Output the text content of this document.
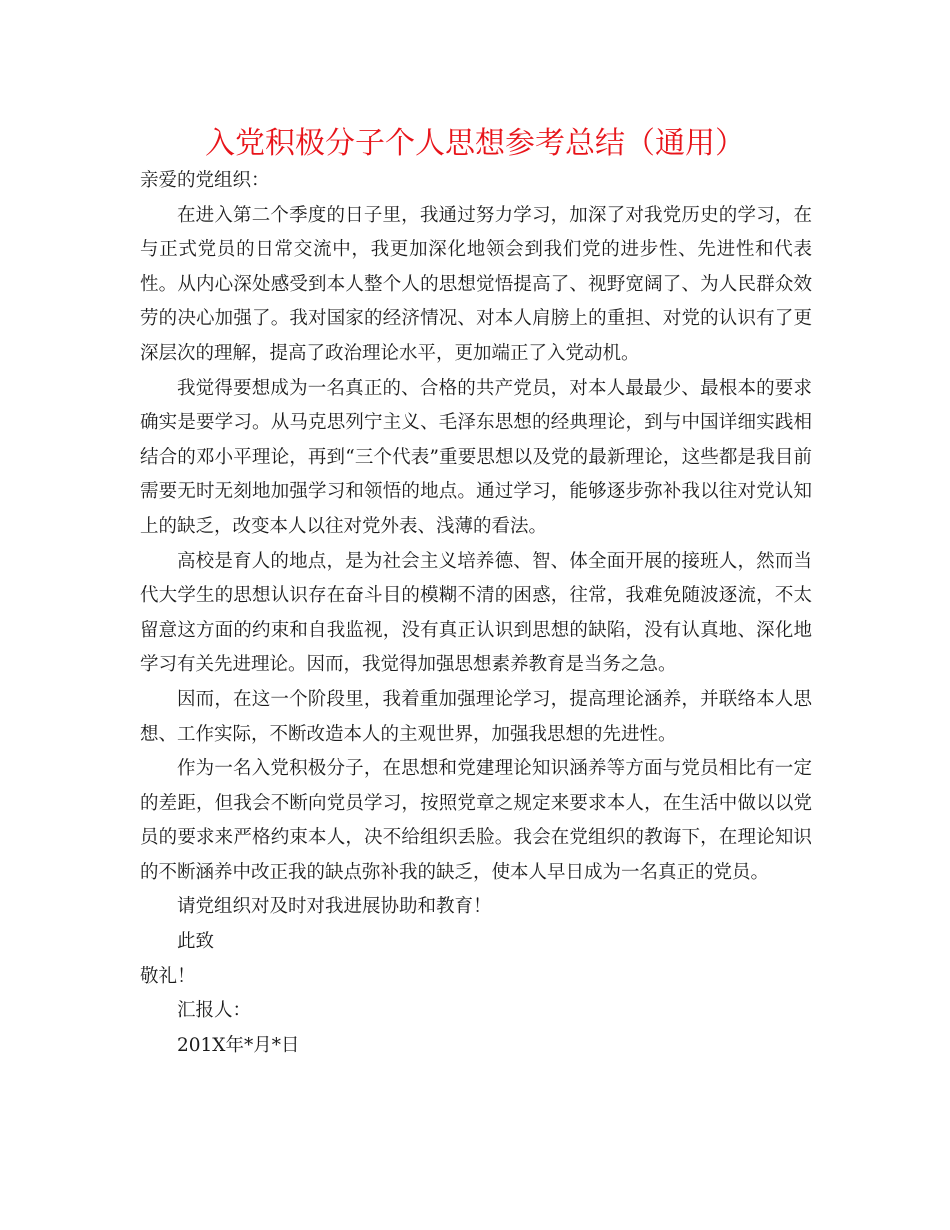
入党积极分子个人思想参考总结（通用）

亲爱的党组织：

在进入第二个季度的日子里，我通过努力学习，加深了对我党历史的学习，在与正式党员的日常交流中，我更加深化地领会到我们党的进步性、先进性和代表性。从内心深处感受到本人整个人的思想觉悟提高了、视野宽阔了、为人民群众效劳的决心加强了。我对国家的经济情况、对本人肩膀上的重担、对党的认识有了更深层次的理解，提高了政治理论水平，更加端正了入党动机。

我觉得要想成为一名真正的、合格的共产党员，对本人最最少、最根本的要求确实是要学习。从马克思列宁主义、毛泽东思想的经典理论，到与中国详细实践相结合的邓小平理论，再到“三个代表”重要思想以及党的最新理论，这些都是我目前需要无时无刻地加强学习和领悟的地点。通过学习，能够逐步弥补我以往对党认知上的缺乏，改变本人以往对党外表、浅薄的看法。

高校是育人的地点，是为社会主义培养德、智、体全面开展的接班人，然而当代大学生的思想认识存在奋斗目的模糊不清的困惑，往常，我难免随波逐流，不太留意这方面的约束和自我监视，没有真正认识到思想的缺陷，没有认真地、深化地学习有关先进理论。因而，我觉得加强思想素养教育是当务之急。

因而，在这一个阶段里，我着重加强理论学习，提高理论涵养，并联络本人思想、工作实际，不断改造本人的主观世界，加强我思想的先进性。

作为一名入党积极分子，在思想和党建理论知识涵养等方面与党员相比有一定的差距，但我会不断向党员学习，按照党章之规定来要求本人，在生活中做以以党员的要求来严格约束本人，决不给组织丢脸。我会在党组织的教诲下，在理论知识的不断涵养中改正我的缺点弥补我的缺乏，使本人早日成为一名真正的党员。

请党组织对及时对我进展协助和教育！

此致

敬礼！

汇报人：

201X年*月*日
